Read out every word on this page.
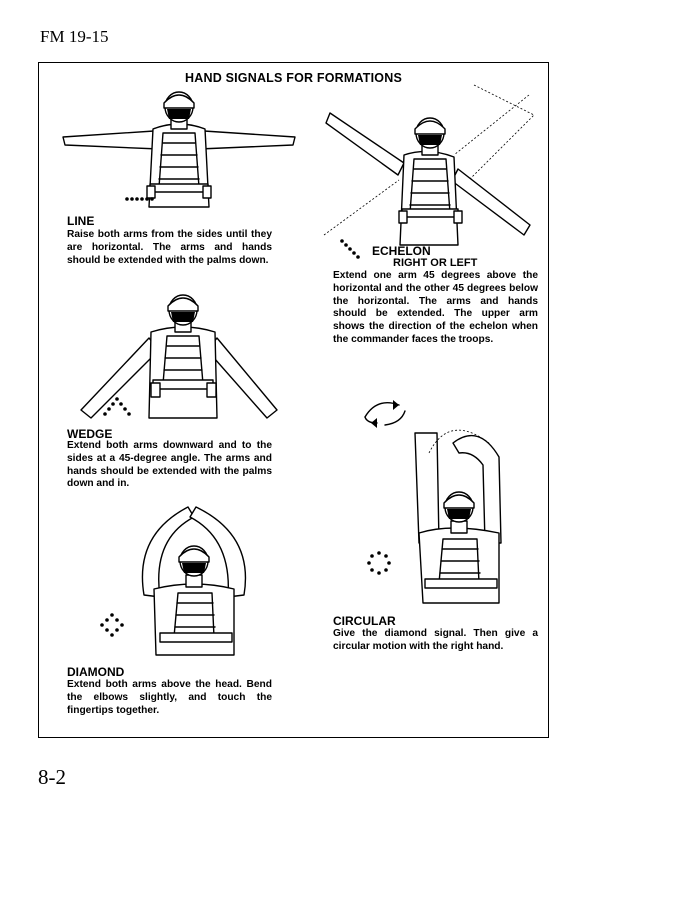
FM 19-15
HAND SIGNALS FOR FORMATIONS
LINE
Raise both arms from the sides until they are horizontal. The arms and hands should be extended with the palms down.
ECHELON
RIGHT OR LEFT
Extend one arm 45 degrees above the horizontal and the other 45 degrees below the horizontal. The arms and hands should be extended. The upper arm shows the direction of the echelon when the commander faces the troops.
WEDGE
Extend both arms downward and to the sides at a 45-degree angle. The arms and hands should be extended with the palms down and in.
CIRCULAR
Give the diamond signal. Then give a circular motion with the right hand.
DIAMOND
Extend both arms above the head. Bend the elbows slightly, and touch the fingertips together.
8-2
